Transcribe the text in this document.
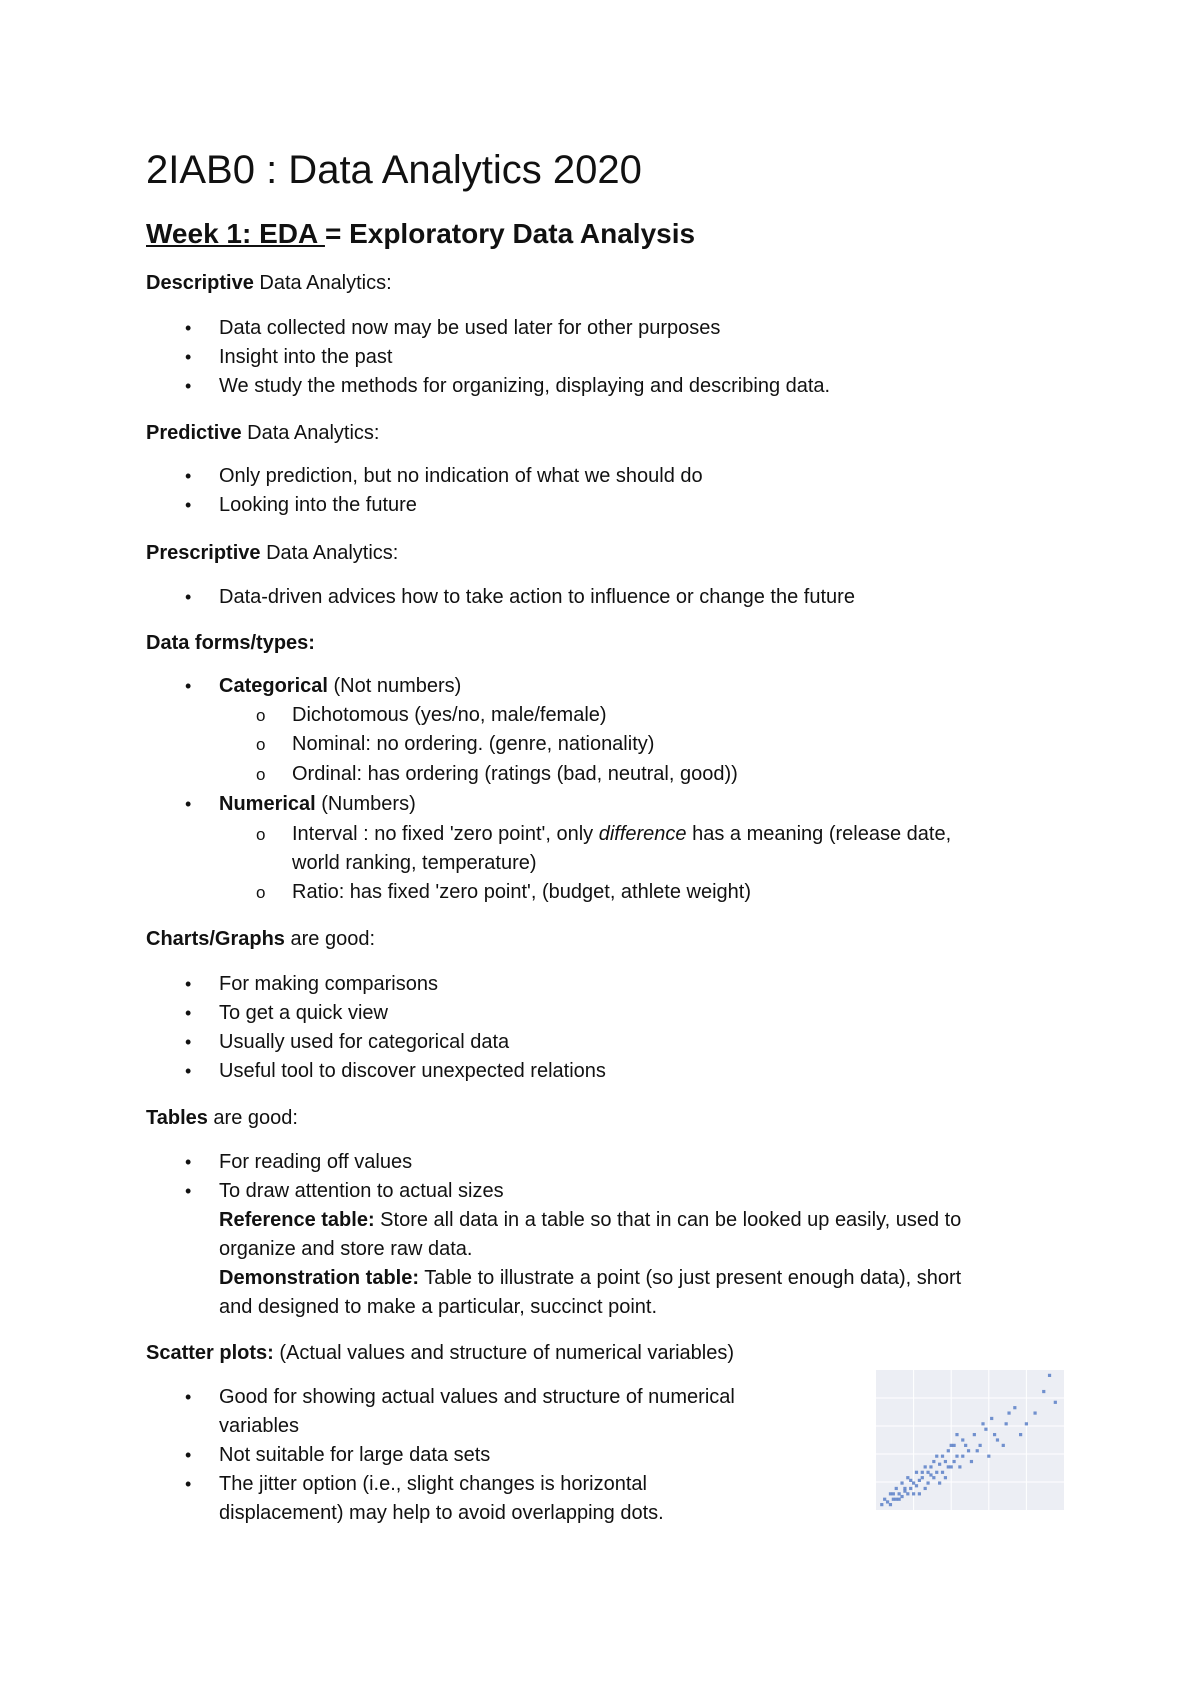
2IAB0 : Data Analytics 2020
Week 1: EDA = Exploratory Data Analysis

Descriptive Data Analytics:

• Data collected now may be used later for other purposes

• Insight into the past

• We study the methods for organizing, displaying and describing data.

Predictive Data Analytics:

• Only prediction, but no indication of what we should do

• Looking into the future

Prescriptive Data Analytics:

• Data-driven advices how to take action to influence or change the future

Data forms/types:

• Categorical (Not numbers)

o Dichotomous (yes/no, male/female)
o Nominal: no ordering. (genre, nationality)
o Ordinal: has ordering (ratings (bad, neutral, good))
• Numerical (Numbers)

o Interval : no fixed 'zero point', only difference has a meaning (release date,
world ranking, temperature)
o Ratio: has fixed 'zero point', (budget, athlete weight)

Charts/Graphs are good:

• For making comparisons

• To get a quick view

• Usually used for categorical data

• Useful tool to discover unexpected relations

Tables are good:

• For reading off values

• To draw attention to actual sizes

Reference table: Store all data in a table so that in can be looked up easily, used to

organize and store raw data.

Demonstration table: Table to illustrate a point (so just present enough data), short

and designed to make a particular, succinct point.

Scatter plots: (Actual values and structure of numerical variables)

• Good for showing actual values and structure of numerical

variables

• Not suitable for large data sets

• The jitter option (i.e., slight changes is horizontal

displacement) may help to avoid overlapping dots.
